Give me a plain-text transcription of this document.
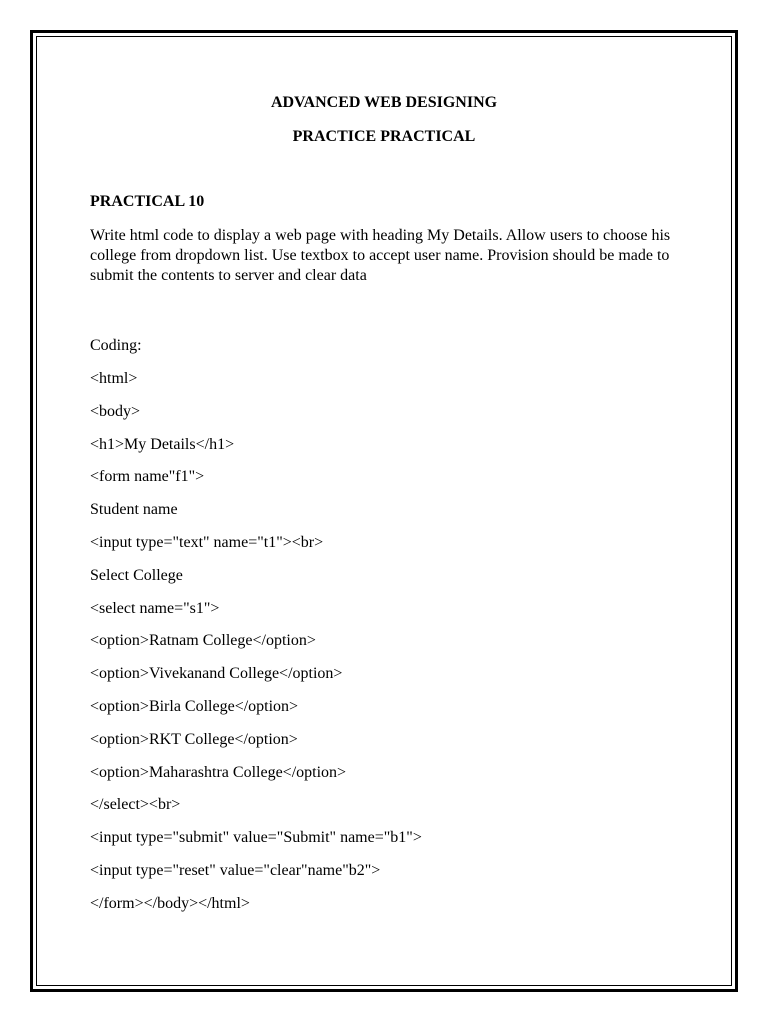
ADVANCED WEB DESIGNING
PRACTICE PRACTICAL
PRACTICAL 10
Write html code to display a web page with heading My Details. Allow users to choose his college from dropdown list. Use textbox to accept user name. Provision should be made to submit the contents to server and clear data
Coding:
<html>
<body>
<h1>My Details</h1>
<form name"f1">
Student name
<input type="text" name="t1"><br>
Select College
<select name="s1">
<option>Ratnam College</option>
<option>Vivekanand College</option>
<option>Birla College</option>
<option>RKT College</option>
<option>Maharashtra College</option>
</select><br>
<input type="submit" value="Submit" name="b1">
<input type="reset" value="clear"name"b2">
</form></body></html>
